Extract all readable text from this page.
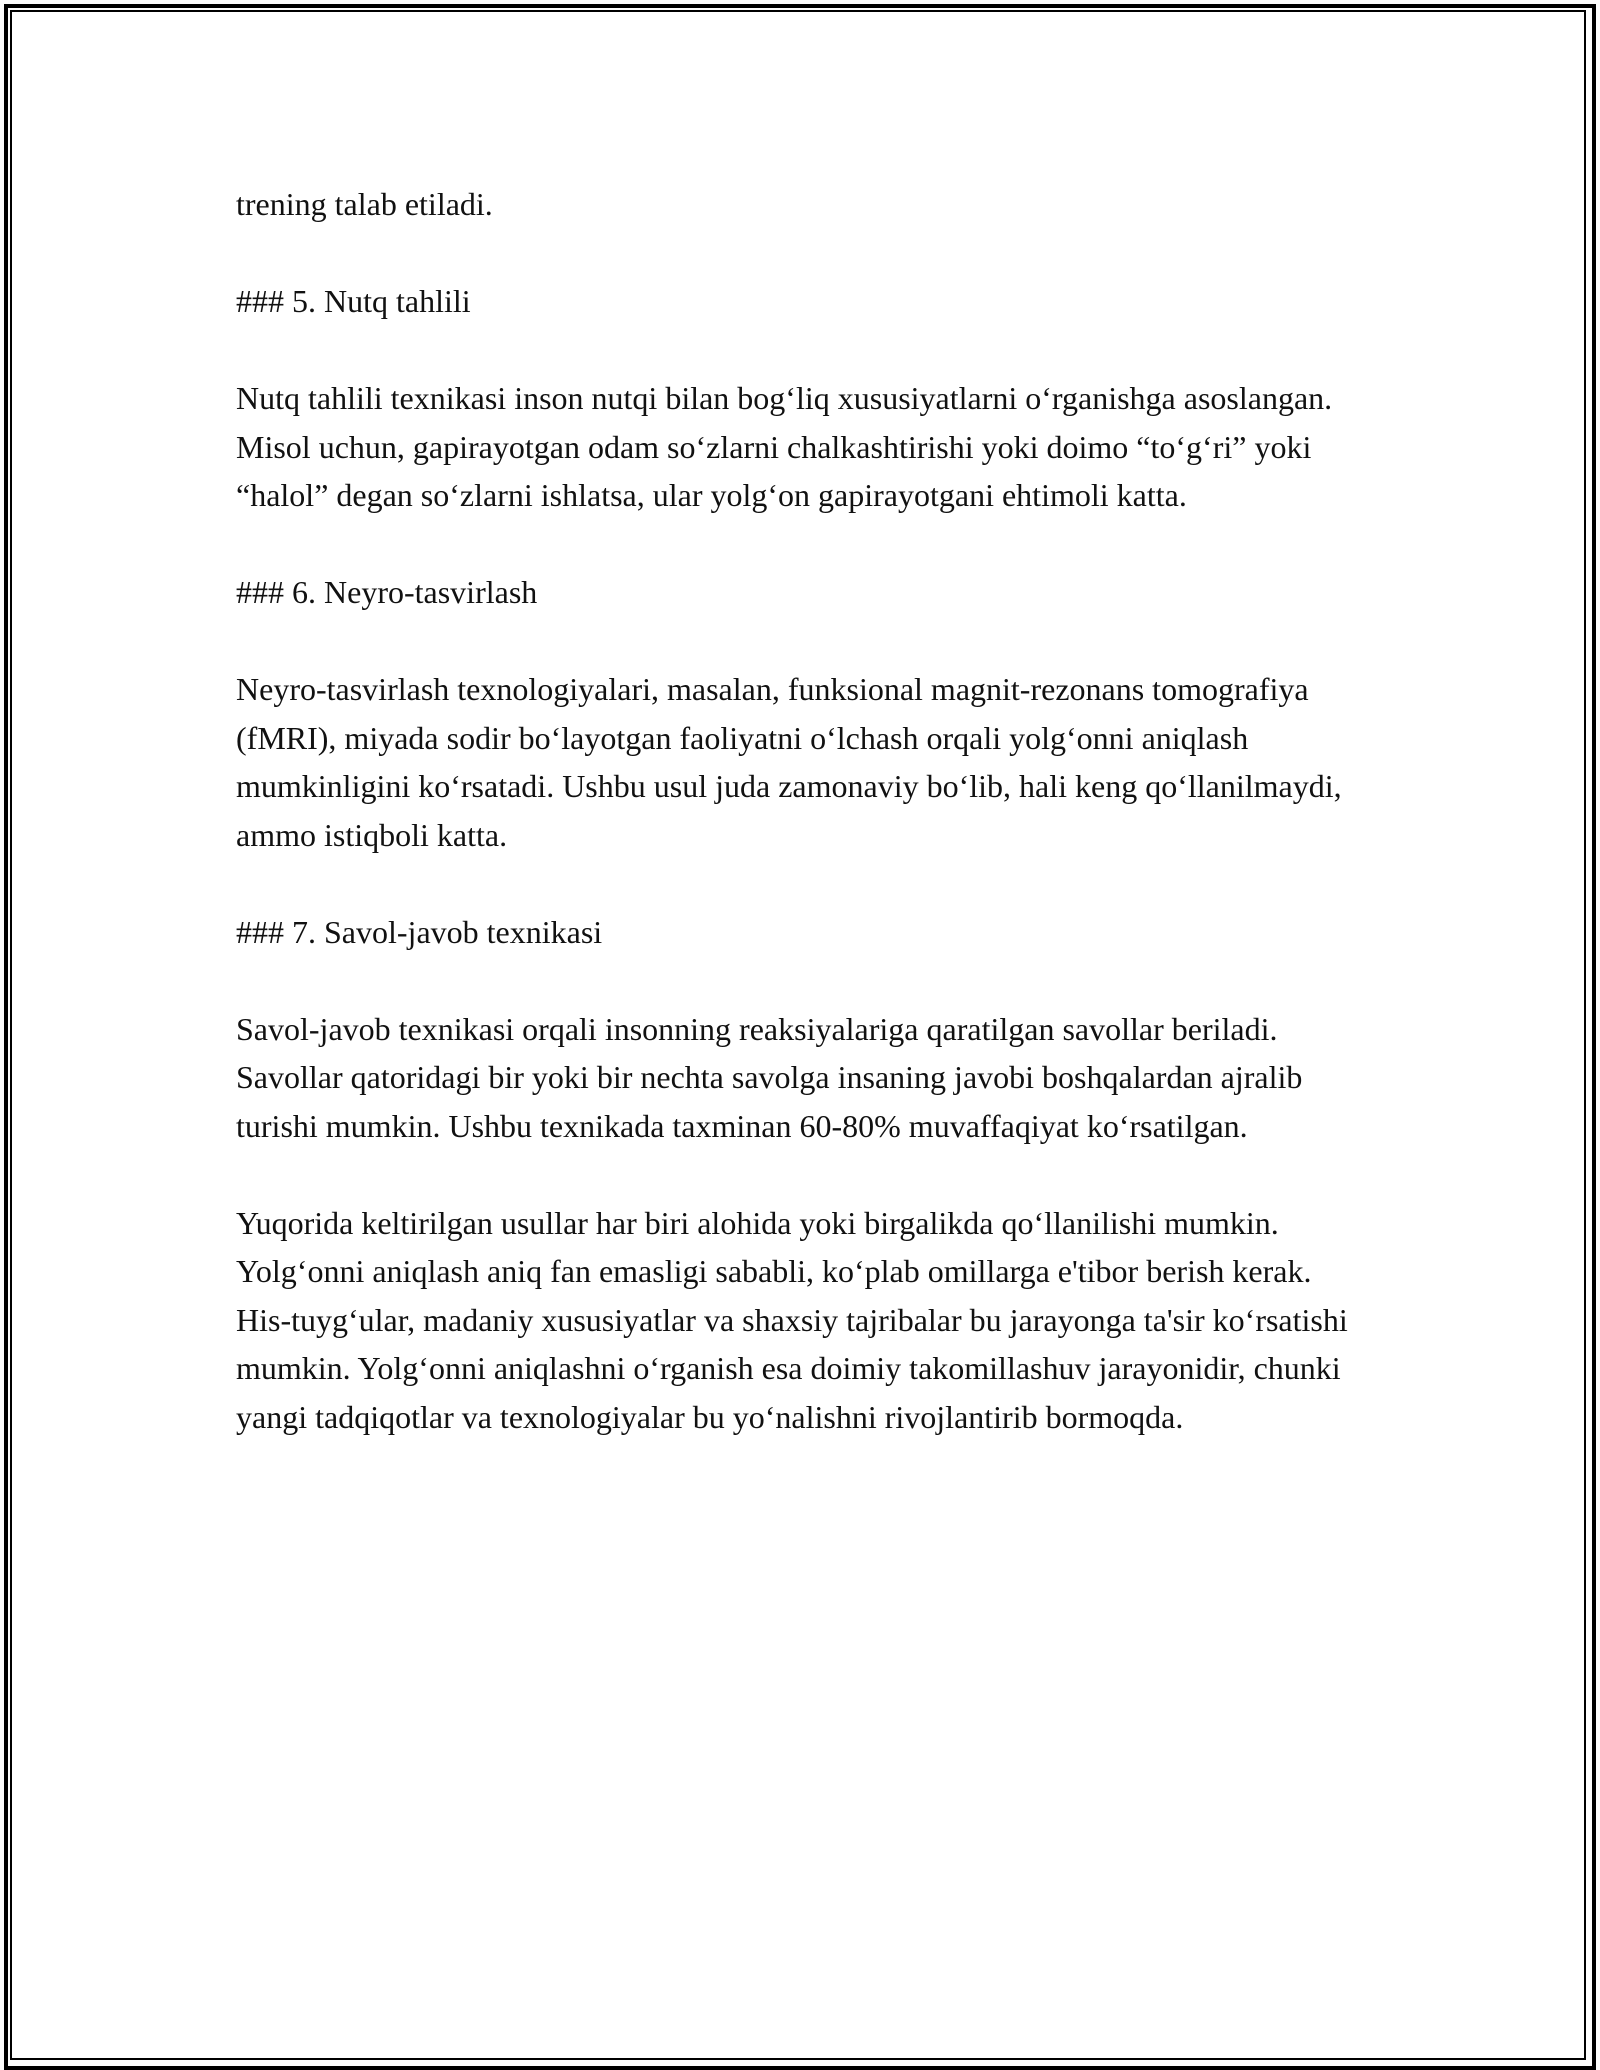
trening talab etiladi.

### 5. Nutq tahlili

Nutq tahlili texnikasi inson nutqi bilan bog‘liq xususiyatlarni o‘rganishga asoslangan. Misol uchun, gapirayotgan odam so‘zlarni chalkashtirishi yoki doimo “to‘g‘ri” yoki “halol” degan so‘zlarni ishlatsa, ular yolg‘on gapirayotgani ehtimoli katta.

### 6. Neyro-tasvirlash

Neyro-tasvirlash texnologiyalari, masalan, funksional magnit-rezonans tomografiya (fMRI), miyada sodir bo‘layotgan faoliyatni o‘lchash orqali yolg‘onni aniqlash mumkinligini ko‘rsatadi. Ushbu usul juda zamonaviy bo‘lib, hali keng qo‘llanilmaydi, ammo istiqboli katta.

### 7. Savol-javob texnikasi

Savol-javob texnikasi orqali insonning reaksiyalariga qaratilgan savollar beriladi. Savollar qatoridagi bir yoki bir nechta savolga insaning javobi boshqalardan ajralib turishi mumkin. Ushbu texnikada taxminan 60-80% muvaffaqiyat ko‘rsatilgan.

Yuqorida keltirilgan usullar har biri alohida yoki birgalikda qo‘llanilishi mumkin. Yolg‘onni aniqlash aniq fan emasligi sababli, ko‘plab omillarga e'tibor berish kerak. His-tuyg‘ular, madaniy xususiyatlar va shaxsiy tajribalar bu jarayonga ta'sir ko‘rsatishi mumkin. Yolg‘onni aniqlashni o‘rganish esa doimiy takomillashuv jarayonidir, chunki yangi tadqiqotlar va texnologiyalar bu yo‘nalishni rivojlantirib bormoqda.
